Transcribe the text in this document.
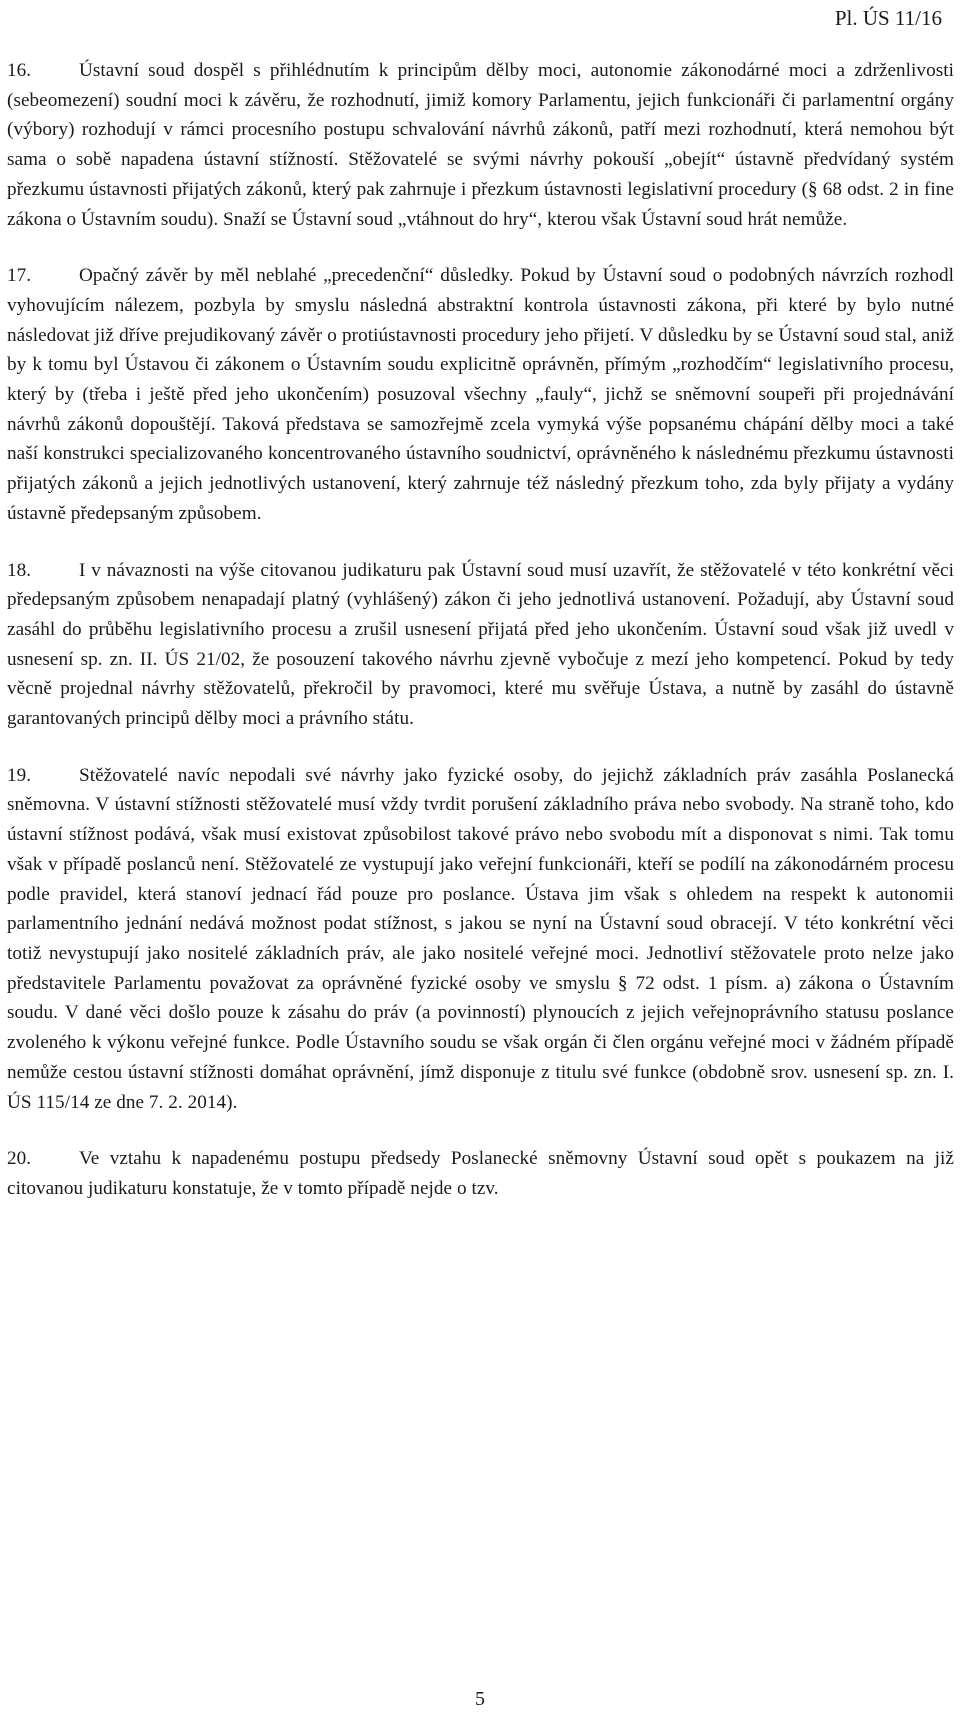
Pl. ÚS 11/16

16. Ústavní soud dospěl s přihlédnutím k principům dělby moci, autonomie zákonodárné moci a zdrženlivosti (sebeomezení) soudní moci k závěru, že rozhodnutí, jimiž komory Parlamentu, jejich funkcionáři či parlamentní orgány (výbory) rozhodují v rámci procesního postupu schvalování návrhů zákonů, patří mezi rozhodnutí, která nemohou být sama o sobě napadena ústavní stížností. Stěžovatelé se svými návrhy pokouší „obejít“ ústavně předvídaný systém přezkumu ústavnosti přijatých zákonů, který pak zahrnuje i přezkum ústavnosti legislativní procedury (§ 68 odst. 2 in fine zákona o Ústavním soudu). Snaží se Ústavní soud „vtáhnout do hry“, kterou však Ústavní soud hrát nemůže.

17. Opačný závěr by měl neblahé „precedenční“ důsledky. Pokud by Ústavní soud o podobných návrzích rozhodl vyhovujícím nálezem, pozbyla by smyslu následná abstraktní kontrola ústavnosti zákona, při které by bylo nutné následovat již dříve prejudikovaný závěr o protiústavnosti procedury jeho přijetí. V důsledku by se Ústavní soud stal, aniž by k tomu byl Ústavou či zákonem o Ústavním soudu explicitně oprávněn, přímým „rozhodčím“ legislativního procesu, který by (třeba i ještě před jeho ukončením) posuzoval všechny „fauly“, jichž se sněmovní soupeři při projednávání návrhů zákonů dopouštějí. Taková představa se samozřejmě zcela vymyká výše popsanému chápání dělby moci a také naší konstrukci specializovaného koncentrovaného ústavního soudnictví, oprávněného k následnému přezkumu ústavnosti přijatých zákonů a jejich jednotlivých ustanovení, který zahrnuje též následný přezkum toho, zda byly přijaty a vydány ústavně předepsaným způsobem.

18. I v návaznosti na výše citovanou judikaturu pak Ústavní soud musí uzavřít, že stěžovatelé v této konkrétní věci předepsaným způsobem nenapadají platný (vyhlášený) zákon či jeho jednotlivá ustanovení. Požadují, aby Ústavní soud zasáhl do průběhu legislativního procesu a zrušil usnesení přijatá před jeho ukončením. Ústavní soud však již uvedl v usnesení sp. zn. II. ÚS 21/02, že posouzení takového návrhu zjevně vybočuje z mezí jeho kompetencí. Pokud by tedy věcně projednal návrhy stěžovatelů, překročil by pravomoci, které mu svěřuje Ústava, a nutně by zasáhl do ústavně garantovaných principů dělby moci a právního státu.

19. Stěžovatelé navíc nepodali své návrhy jako fyzické osoby, do jejichž základních práv zasáhla Poslanecká sněmovna. V ústavní stížnosti stěžovatelé musí vždy tvrdit porušení základního práva nebo svobody. Na straně toho, kdo ústavní stížnost podává, však musí existovat způsobilost takové právo nebo svobodu mít a disponovat s nimi. Tak tomu však v případě poslanců není. Stěžovatelé ze vystupují jako veřejní funkcionáři, kteří se podílí na zákonodárném procesu podle pravidel, která stanoví jednací řád pouze pro poslance. Ústava jim však s ohledem na respekt k autonomii parlamentního jednání nedává možnost podat stížnost, s jakou se nyní na Ústavní soud obracejí. V této konkrétní věci totiž nevystupují jako nositelé základních práv, ale jako nositelé veřejné moci. Jednotliví stěžovatele proto nelze jako představitele Parlamentu považovat za oprávněné fyzické osoby ve smyslu § 72 odst. 1 písm. a) zákona o Ústavním soudu. V dané věci došlo pouze k zásahu do práv (a povinností) plynoucích z jejich veřejnoprávního statusu poslance zvoleného k výkonu veřejné funkce. Podle Ústavního soudu se však orgán či člen orgánu veřejné moci v žádném případě nemůže cestou ústavní stížnosti domáhat oprávnění, jímž disponuje z titulu své funkce (obdobně srov. usnesení sp. zn. I. ÚS 115/14 ze dne 7. 2. 2014).

20. Ve vztahu k napadenému postupu předsedy Poslanecké sněmovny Ústavní soud opět s poukazem na již citovanou judikaturu konstatuje, že v tomto případě nejde o tzv.

5
